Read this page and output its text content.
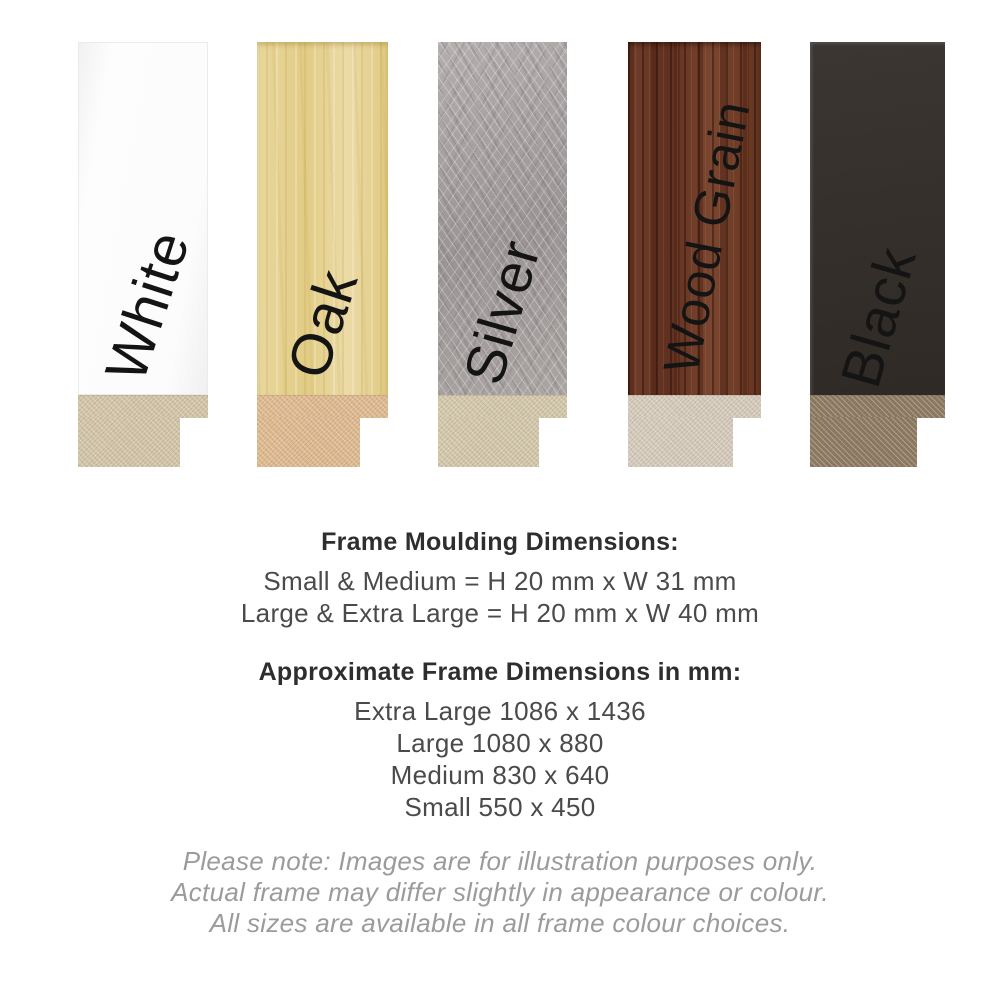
White Oak Silver Wood Grain Black

Frame Moulding Dimensions:

Small & Medium = H 20 mm x W 31 mm

Large & Extra Large = H 20 mm x W 40 mm

Approximate Frame Dimensions in mm:

Extra Large 1086 x 1436

Large 1080 x 880

Medium 830 x 640

Small 550 x 450

Please note: Images are for illustration purposes only.

Actual frame may differ slightly in appearance or colour.

All sizes are available in all frame colour choices.
